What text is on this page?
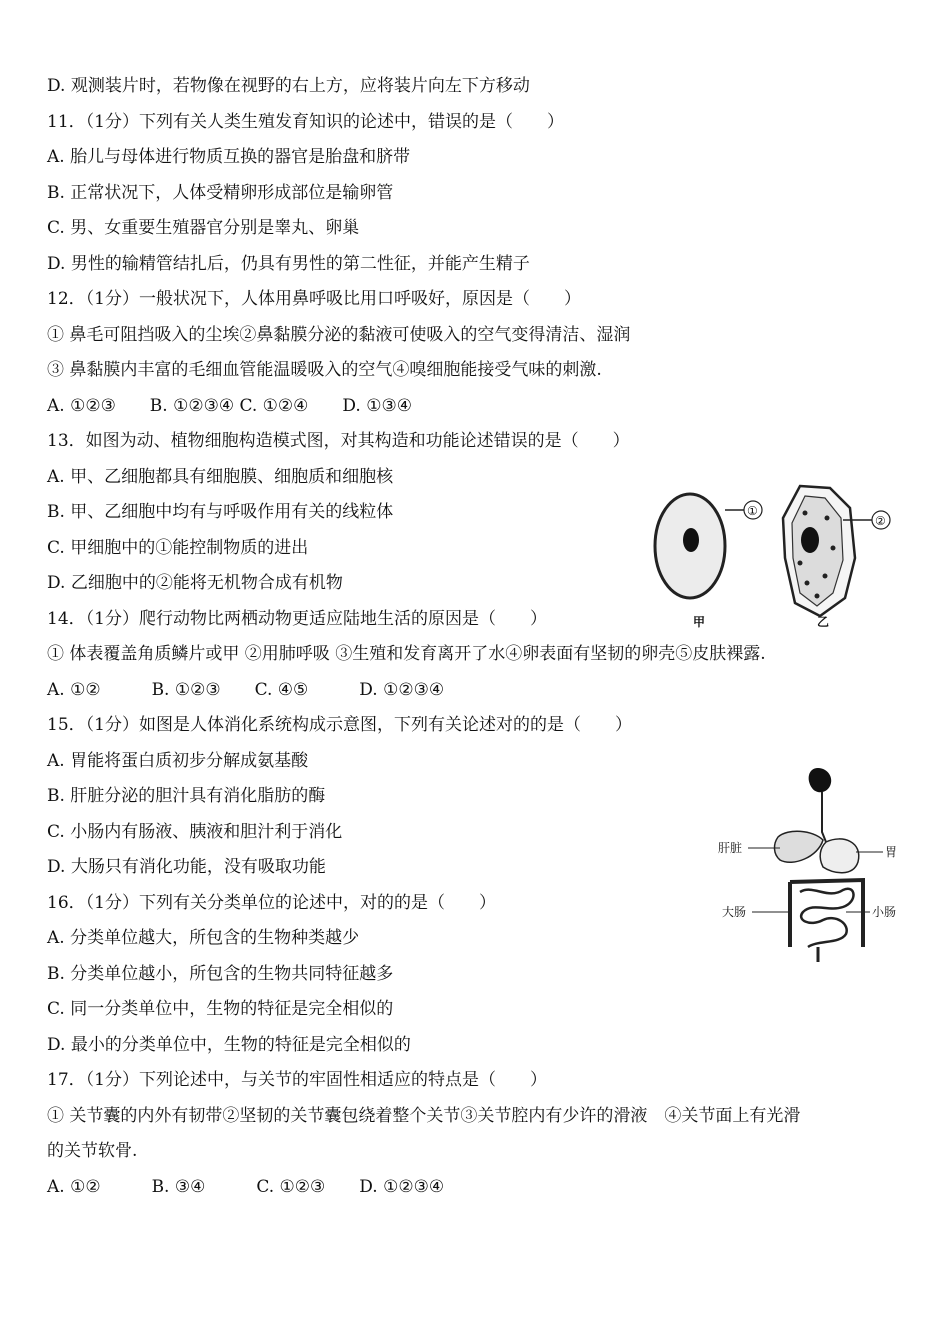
D. 观测装片时，若物像在视野的右上方，应将装片向左下方移动
11．（1分）下列有关人类生殖发育知识的论述中，错误的是（　　）
A. 胎儿与母体进行物质互换的器官是胎盘和脐带
B. 正常状况下，人体受精卵形成部位是输卵管
C. 男、女重要生殖器官分别是睾丸、卵巢
D. 男性的输精管结扎后，仍具有男性的第二性征，并能产生精子
12．（1分）一般状况下，人体用鼻呼吸比用口呼吸好，原因是（　　）
① 鼻毛可阻挡吸入的尘埃②鼻黏膜分泌的黏液可使吸入的空气变得清洁、湿润
③ 鼻黏膜内丰富的毛细血管能温暖吸入的空气④嗅细胞能接受气味的刺激.
A. ①②③　　B. ①②③④ C. ①②④　　D. ①③④
13．如图为动、植物细胞构造模式图，对其构造和功能论述错误的是（　　）
A. 甲、乙细胞都具有细胞膜、细胞质和细胞核
B. 甲、乙细胞中均有与呼吸作用有关的线粒体
C. 甲细胞中的①能控制物质的进出
D. 乙细胞中的②能将无机物合成有机物
14．（1分）爬行动物比两栖动物更适应陆地生活的原因是（　　）
① 体表覆盖角质鳞片或甲 ②用肺呼吸 ③生殖和发育离开了水④卵表面有坚韧的卵壳⑤皮肤裸露.
A. ①②　　　B. ①②③　　C. ④⑤　　　D. ①②③④
15．（1分）如图是人体消化系统构成示意图，下列有关论述对的的是（　　）
A. 胃能将蛋白质初步分解成氨基酸
B. 肝脏分泌的胆汁具有消化脂肪的酶
C. 小肠内有肠液、胰液和胆汁利于消化
D. 大肠只有消化功能，没有吸取功能
16．（1分）下列有关分类单位的论述中，对的的是（　　）
A. 分类单位越大，所包含的生物种类越少
B. 分类单位越小，所包含的生物共同特征越多
C. 同一分类单位中，生物的特征是完全相似的
D. 最小的分类单位中，生物的特征是完全相似的
17．（1分）下列论述中，与关节的牢固性相适应的特点是（　　）
① 关节囊的内外有韧带②坚韧的关节囊包绕着整个关节③关节腔内有少许的滑液　④关节面上有光滑
的关节软骨.
A. ①②　　　B. ③④　　　C. ①②③　　D. ①②③④
①
甲
②
乙
肝脏	胃
大肠	小肠
